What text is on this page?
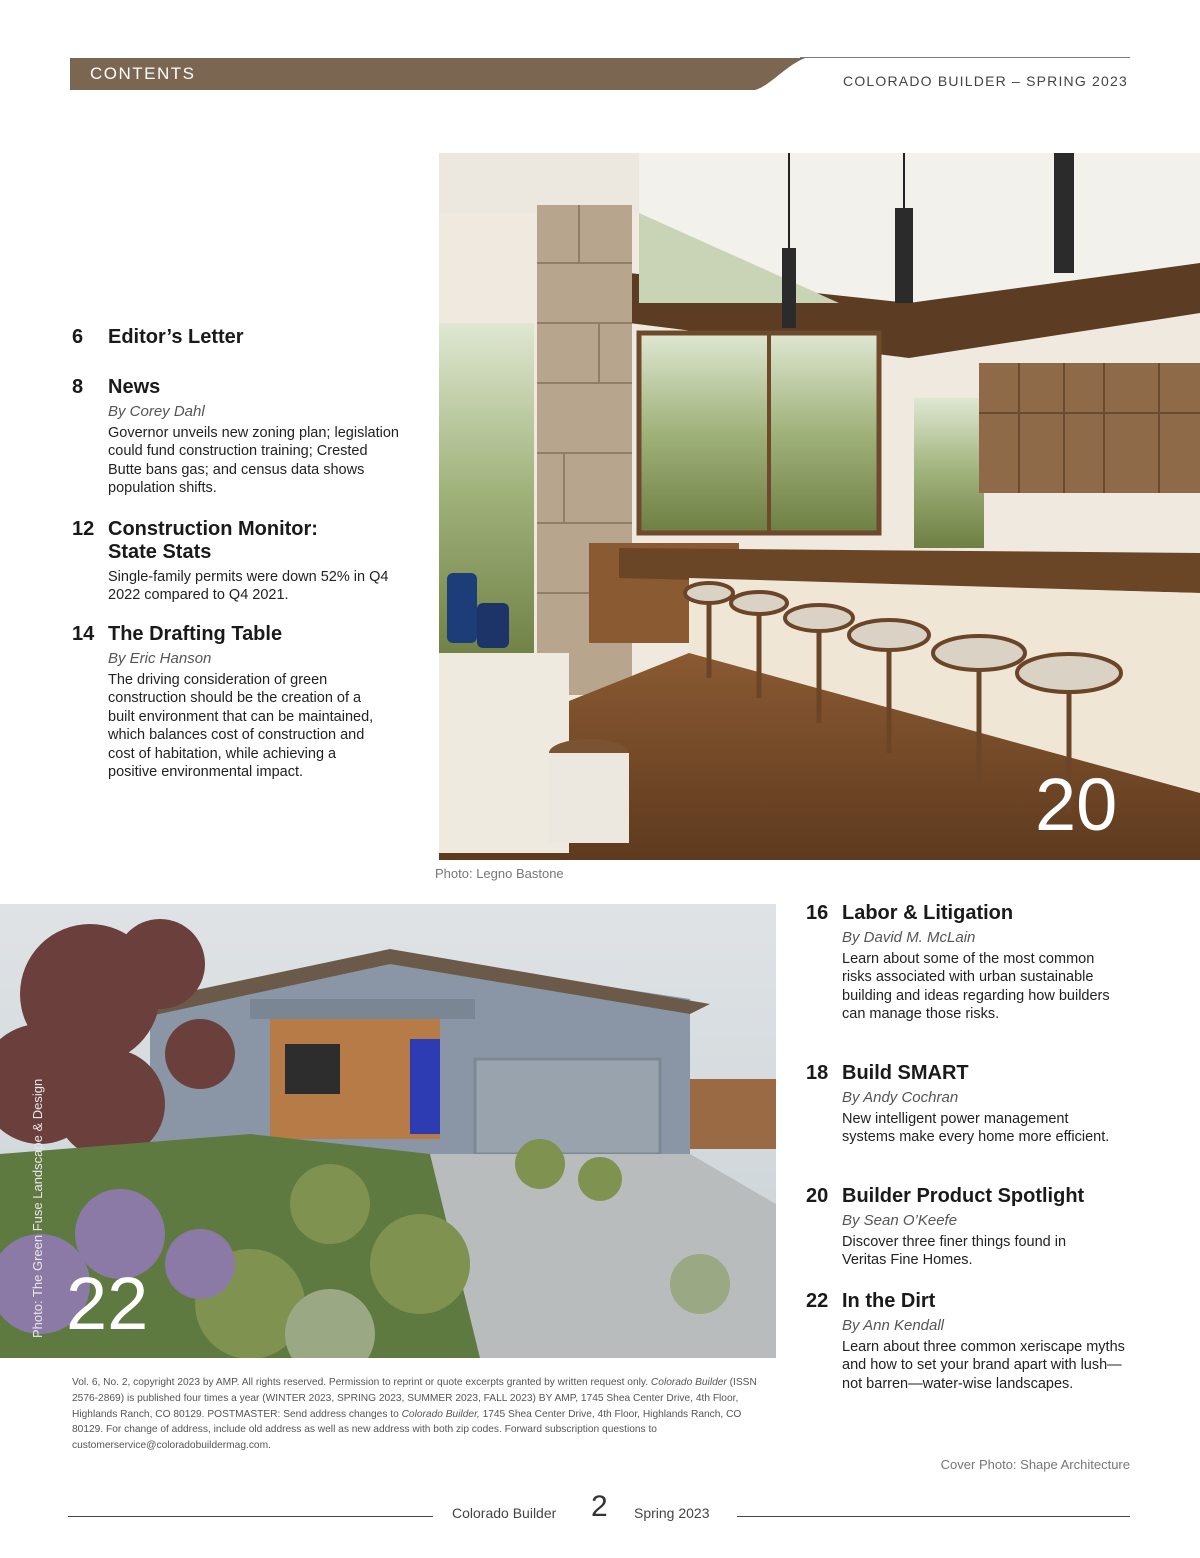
CONTENTS	COLORADO BUILDER – SPRING 2023
20
Photo: Legno Bastone
22
Photo: The Green Fuse Landscape & Design
6 Editor’s Letter
8 News
By Corey Dahl
Governor unveils new zoning plan; legislation could fund construction training; Crested Butte bans gas; and census data shows population shifts.
12 Construction Monitor: State Stats
Single-family permits were down 52% in Q4 2022 compared to Q4 2021.
14 The Drafting Table
By Eric Hanson
The driving consideration of green construction should be the creation of a built environment that can be maintained, which balances cost of construction and cost of habitation, while achieving a positive environmental impact.
16 Labor & Litigation
By David M. McLain
Learn about some of the most common risks associated with urban sustainable building and ideas regarding how builders can manage those risks.
18 Build SMART
By Andy Cochran
New intelligent power management systems make every home more efficient.
20 Builder Product Spotlight
By Sean O’Keefe
Discover three finer things found in Veritas Fine Homes.
22 In the Dirt
By Ann Kendall
Learn about three common xeriscape myths and how to set your brand apart with lush—not barren—water-wise landscapes.
Cover Photo: Shape Architecture
Vol. 6, No. 2, copyright 2023 by AMP. All rights reserved. Permission to reprint or quote excerpts granted by written request only. Colorado Builder (ISSN 2576-2869) is published four times a year (WINTER 2023, SPRING 2023, SUMMER 2023, FALL 2023) BY AMP, 1745 Shea Center Drive, 4th Floor, Highlands Ranch, CO 80129. POSTMASTER: Send address changes to Colorado Builder, 1745 Shea Center Drive, 4th Floor, Highlands Ranch, CO 80129. For change of address, include old address as well as new address with both zip codes. Forward subscription questions to customerservice@coloradobuildermag.com.
Colorado Builder 2 Spring 2023
